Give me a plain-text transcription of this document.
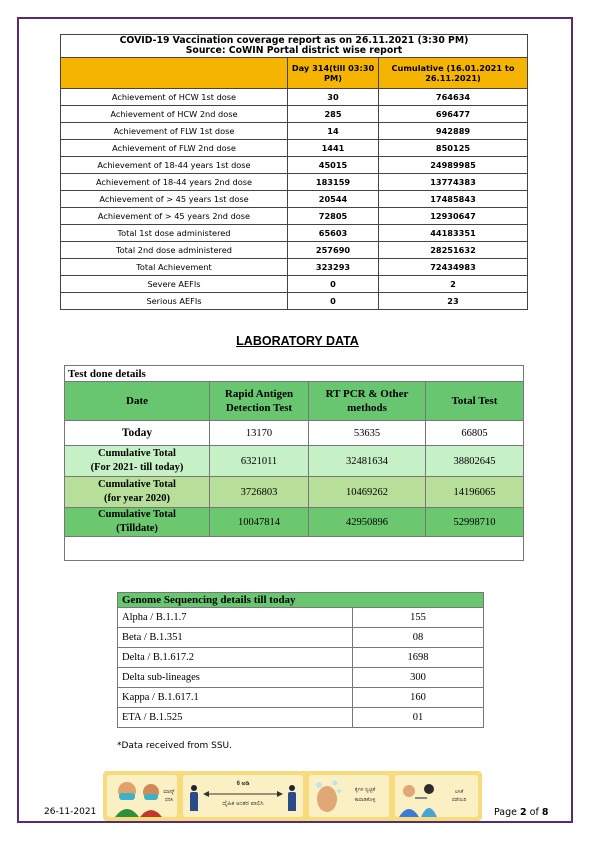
COVID-19 Vaccination coverage report as on 26.11.2021 (3:30 PM)
Source: CoWIN Portal district wise report		
	Day 314(till 03:30 PM)	Cumulative (16.01.2021 to 26.11.2021)
Achievement of HCW 1st dose	30	764634
Achievement of HCW 2nd dose	285	696477
Achievement of FLW 1st dose	14	942889
Achievement of FLW 2nd dose	1441	850125
Achievement of 18-44 years 1st dose	45015	24989985
Achievement of 18-44 years 2nd dose	183159	13774383
Achievement of > 45 years 1st dose	20544	17485843
Achievement of > 45 years 2nd dose	72805	12930647
Total 1st dose administered	65603	44183351
Total 2nd dose administered	257690	28251632
Total Achievement	323293	72434983
Severe AEFIs	0	2
Serious AEFIs	0	23
LABORATORY DATA
Test done details			
Date	Rapid Antigen Detection Test	RT PCR & Other methods	Total Test
Today	13170	53635	66805
Cumulative Total
(For 2021- till today)	6321011	32481634	38802645
Cumulative Total
(for year 2020)	3726803	10469262	14196065
Cumulative Total
(Tilldate)	10047814	42950896	52998710
Genome Sequencing details till today	
Alpha / B.1.1.7	155
Beta / B.1.351	08
Delta / B.1.617.2	1698
Delta sub-lineages	300
Kappa / B.1.617.1	160
ETA / B.1.525	01
*Data received from SSU.
26-11-2021
ಮಾಸ್ಕ್
ಧರಿಸಿ
6 ಅಡಿ
ದೈಹಿಕ ಅಂತರ ಪಾಲಿಸಿ
ಕೈಗಳ ಸ್ವಚ್ಛತೆ
ಕಾಪಾಡಿಕೊಳ್ಳಿ
ಲಸಿಕೆ
ಪಡೆಯಿರಿ
Page 2 of 8
